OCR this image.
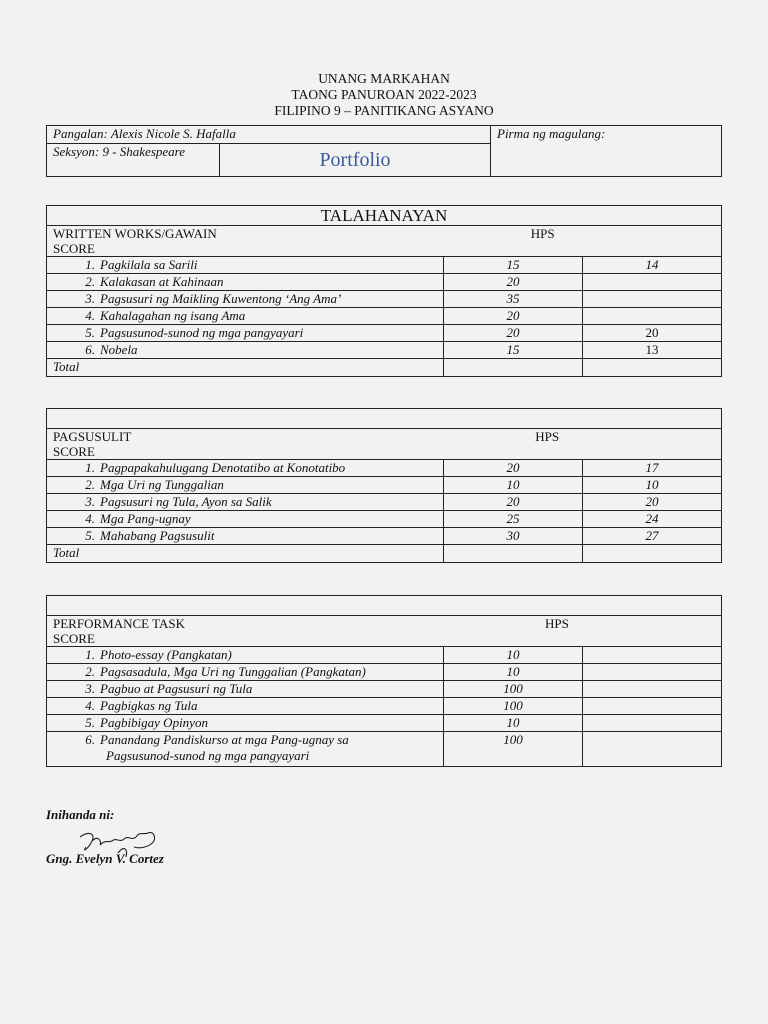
UNANG MARKAHAN
TAONG PANUROAN 2022-2023
FILIPINO 9 – PANITIKANG ASYANO
Pangalan: Alexis Nicole S. Hafalla		Pirma ng magulang:
Seksyon: 9 - Shakespeare	Portfolio	
TALAHANAYAN		
WRITTEN WORKS/GAWAIN HPS
SCORE		
1. Pagkilala sa Sarili	15	14
2. Kalakasan at Kahinaan	20	
3. Pagsusuri ng Maikling Kuwentong ‘Ang Ama’	35	
4. Kahalagahan ng isang Ama	20	
5. Pagsusunod-sunod ng mga pangyayari	20	20
6. Nobela	15	13
Total		

PAGSUSULIT HPS
SCORE		
1. Pagpapakahulugang Denotatibo at Konotatibo	20	17
2. Mga Uri ng Tunggalian	10	10
3. Pagsusuri ng Tula, Ayon sa Salik	20	20
4. Mga Pang-ugnay	25	24
5. Mahabang Pagsusulit	30	27
Total		

PERFORMANCE TASK HPS
SCORE		
1. Photo-essay (Pangkatan)	10	
2. Pagsasadula, Mga Uri ng Tunggalian (Pangkatan)	10	
3. Pagbuo at Pagsusuri ng Tula	100	
4. Pagbigkas ng Tula	100	
5. Pagbibigay Opinyon	10	
6. Panandang Pandiskurso at mga Pang-ugnay sa
Pagsusunod-sunod ng mga pangyayari	100	
Inihanda ni:
Gng. Evelyn V. Cortez
